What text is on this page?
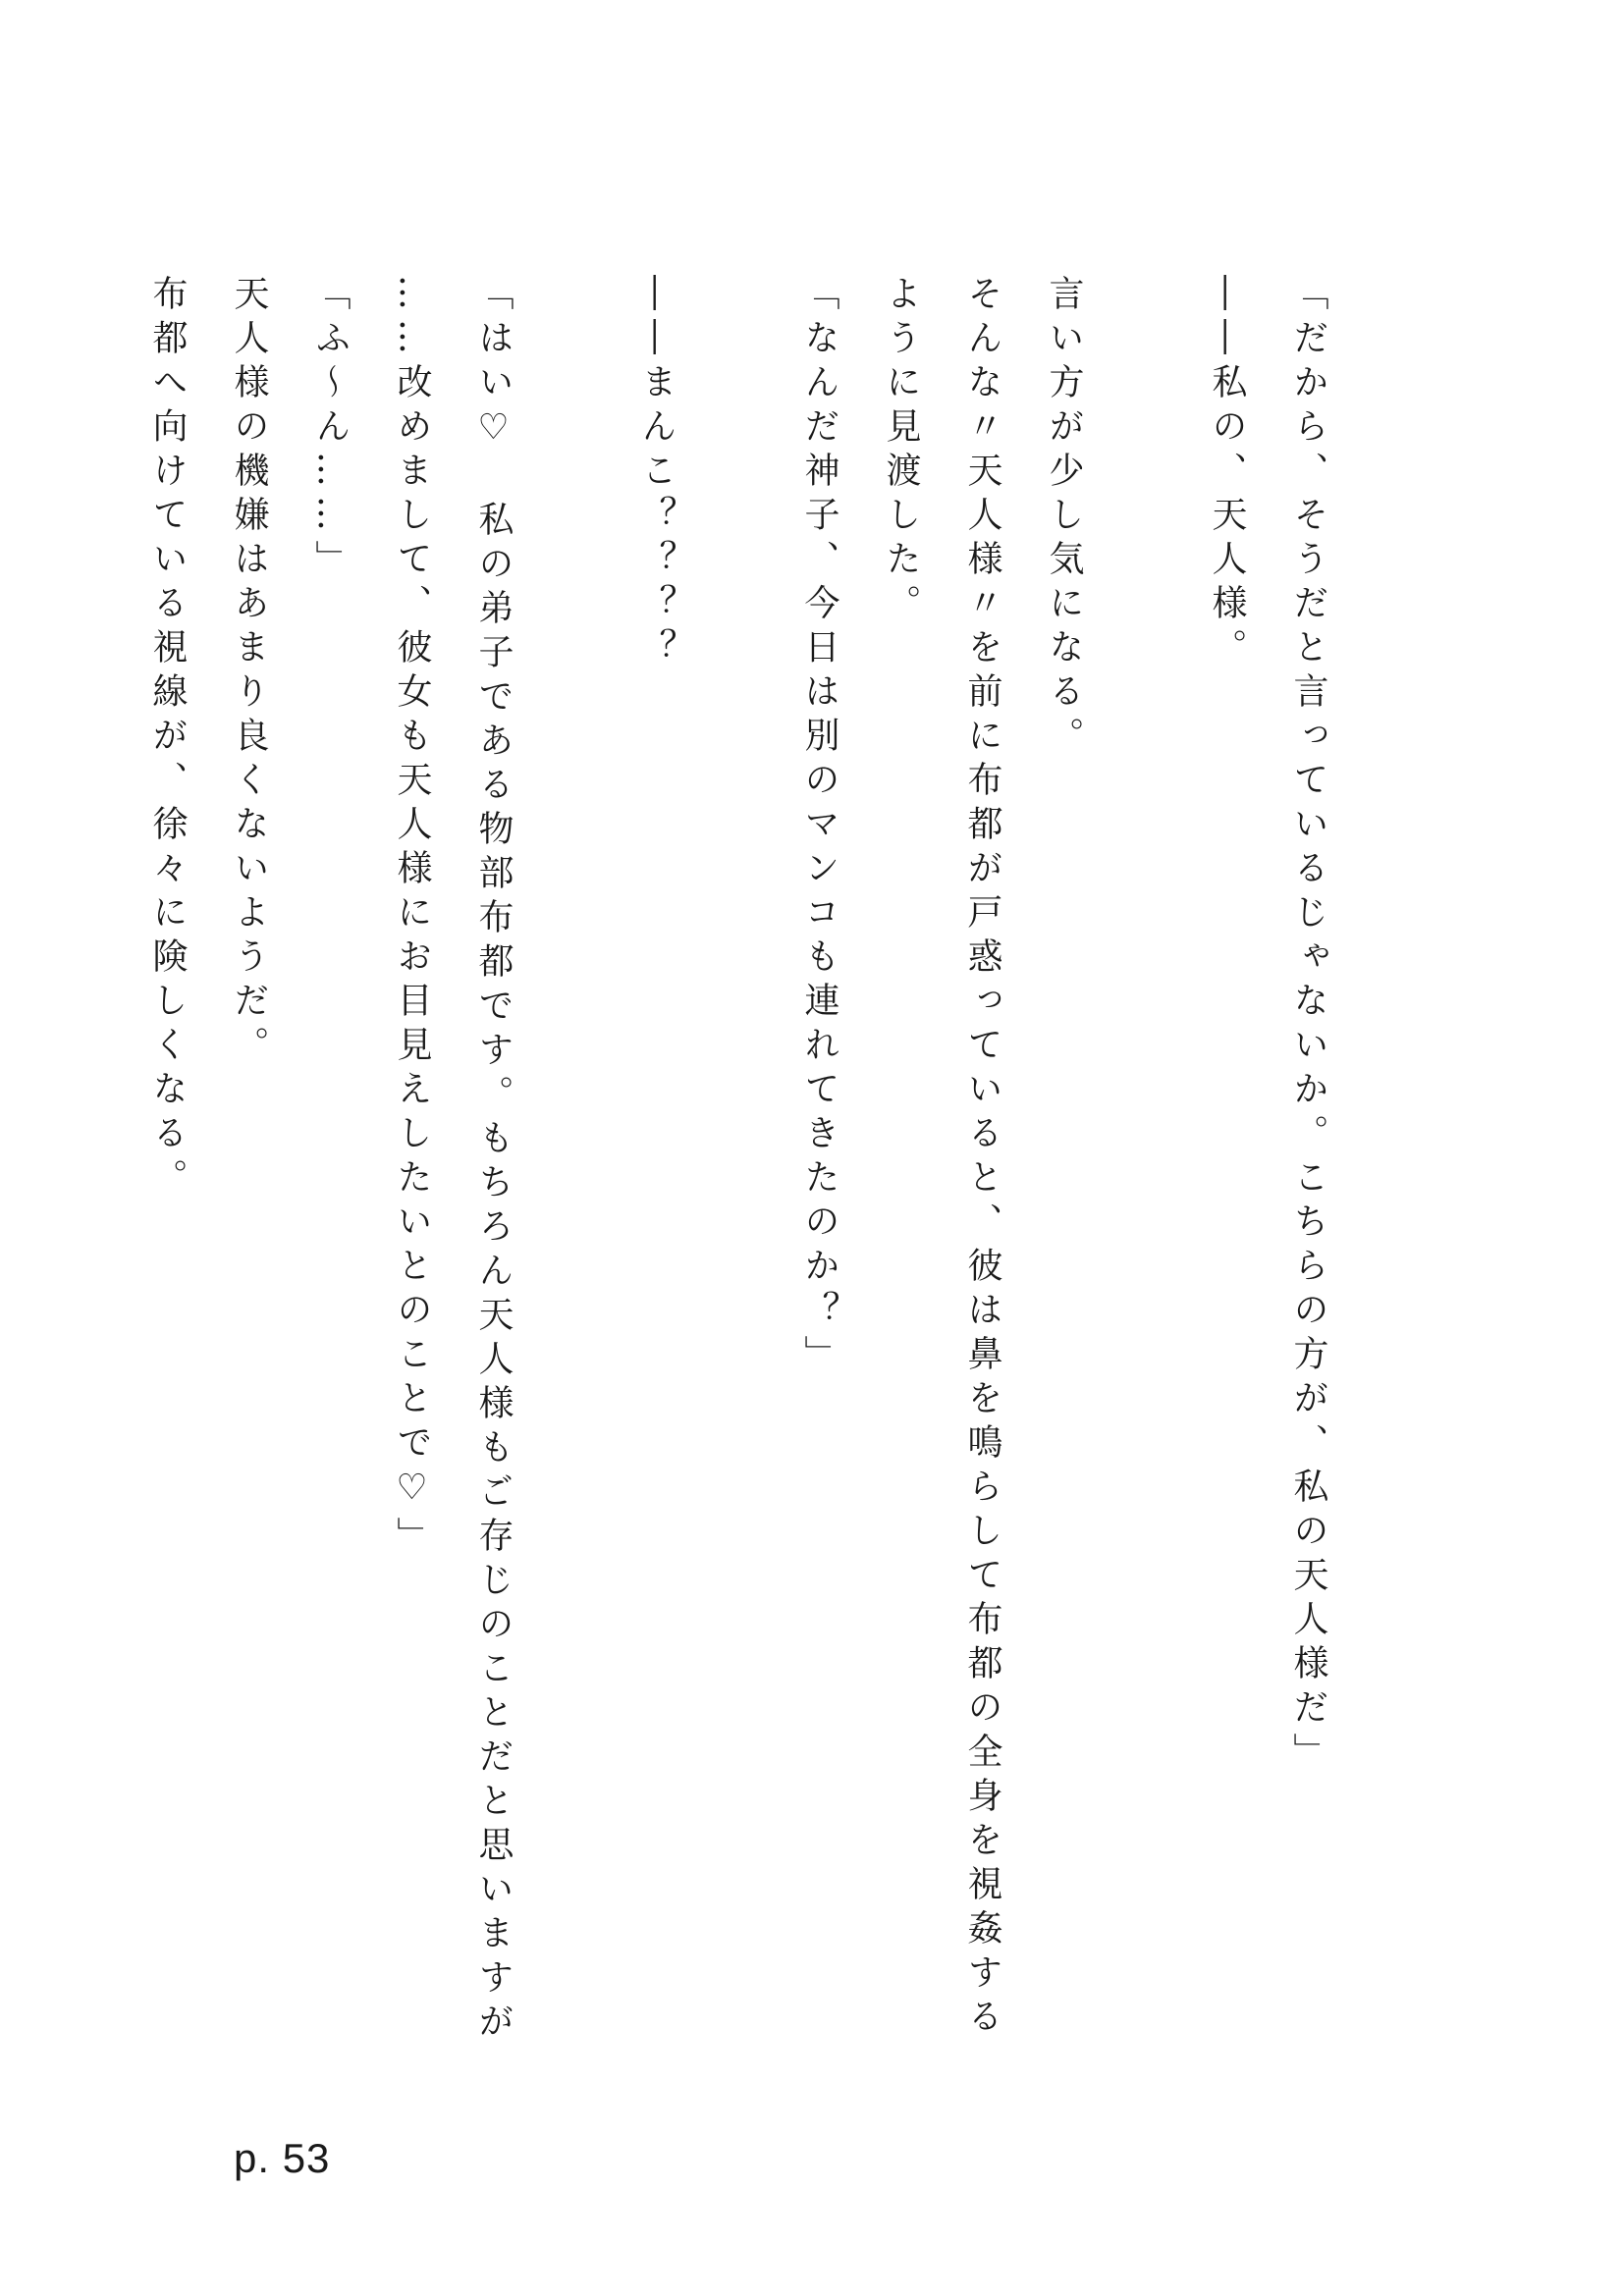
「だから、そうだと言っているじゃないか。こちらの方が、私の天人様だ」
――私の、天人様。
言い方が少し気になる。
そんな〃天人様〃を前に布都が戸惑っていると、彼は鼻を鳴らして布都の全身を視姦する
ように見渡した。
「なんだ神子、今日は別のマンコも連れてきたのか？」
――まんこ？？？？
「はい♡　私の弟子である物部布都です。もちろん天人様もご存じのことだと思いますが
……改めまして、彼女も天人様にお目見えしたいとのことで♡」
「ふ～ん……」
天人様の機嫌はあまり良くないようだ。
布都へ向けている視線が、徐々に険しくなる。
p. 53
